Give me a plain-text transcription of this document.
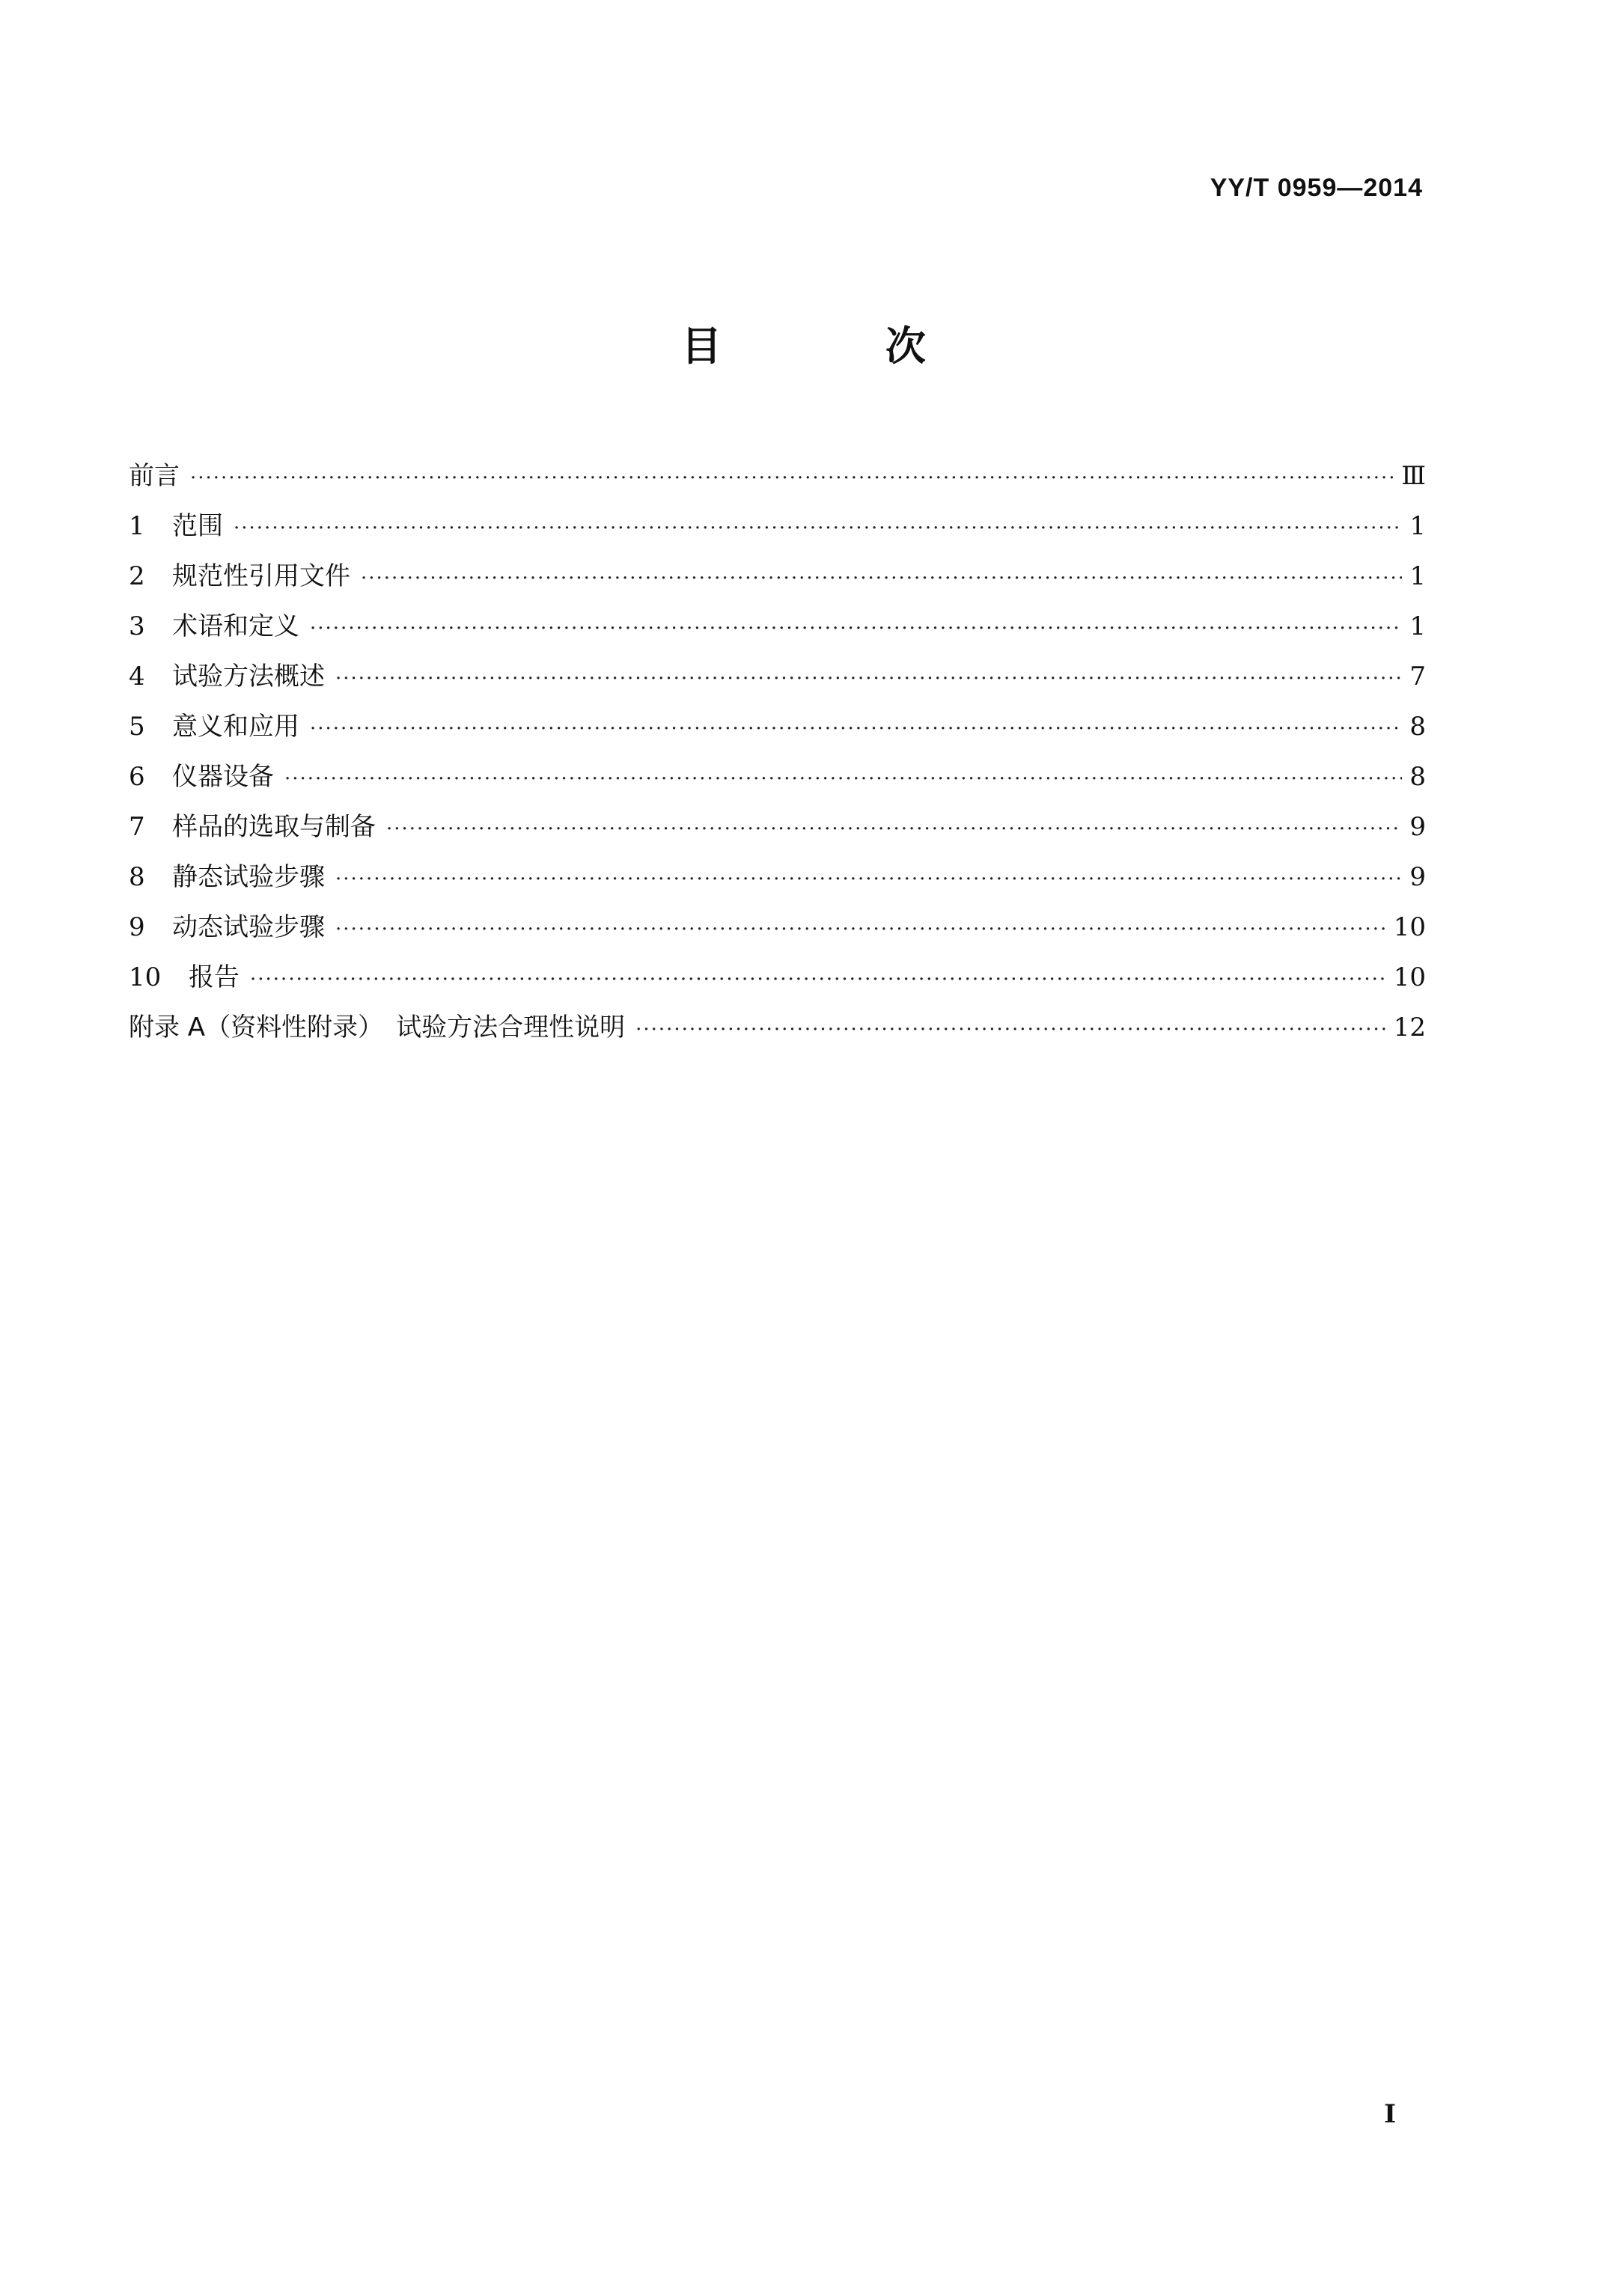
YY/T 0959—2014
目 次
前言 ·····	Ⅲ
1	范围 ·····	1
2	规范性引用文件 ·····	1
3	术语和定义 ·····	1
4	试验方法概述 ·····	7
5	意义和应用 ·····	8
6	仪器设备 ·····	8
7	样品的选取与制备 ·····	9
8	静态试验步骤 ·····	9
9	动态试验步骤 ·····	10
10	报告 ·····	10
附录 A（资料性附录）　试验方法合理性说明 ·····	12
I
